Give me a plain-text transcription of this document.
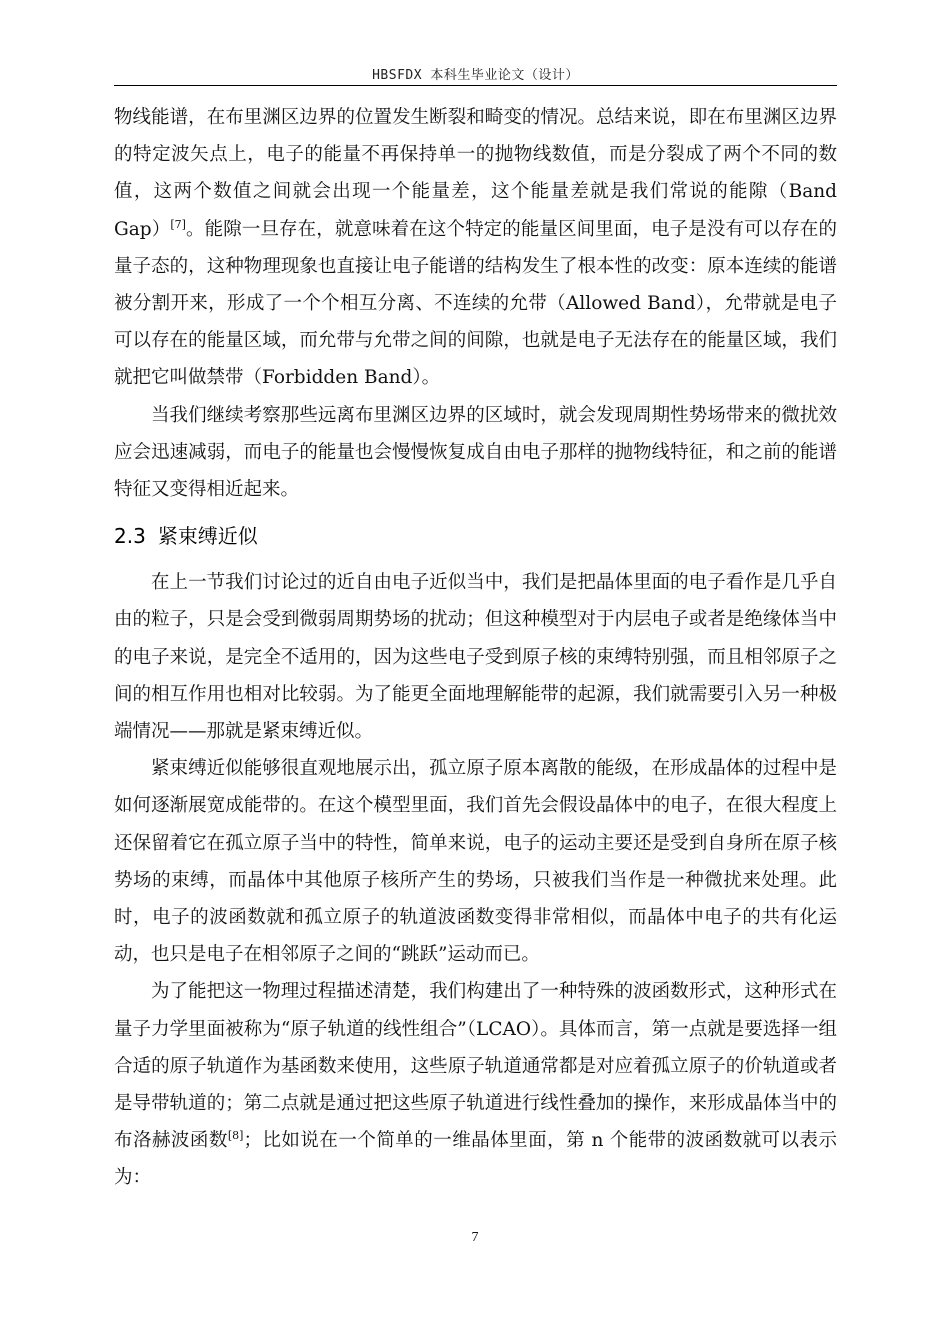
HBSFDX 本科生毕业论文（设计）

物线能谱，在布里渊区边界的位置发生断裂和畸变的情况。总结来说，即在布里渊区边界的特定波矢点上，电子的能量不再保持单一的抛物线数值，而是分裂成了两个不同的数值，这两个数值之间就会出现一个能量差，这个能量差就是我们常说的能隙（Band Gap）[7]。能隙一旦存在，就意味着在这个特定的能量区间里面，电子是没有可以存在的量子态的，这种物理现象也直接让电子能谱的结构发生了根本性的改变：原本连续的能谱被分割开来，形成了一个个相互分离、不连续的允带（Allowed Band），允带就是电子可以存在的能量区域，而允带与允带之间的间隙，也就是电子无法存在的能量区域，我们就把它叫做禁带（Forbidden Band）。

当我们继续考察那些远离布里渊区边界的区域时，就会发现周期性势场带来的微扰效应会迅速减弱，而电子的能量也会慢慢恢复成自由电子那样的抛物线特征，和之前的能谱特征又变得相近起来。

2.3 紧束缚近似

在上一节我们讨论过的近自由电子近似当中，我们是把晶体里面的电子看作是几乎自由的粒子，只是会受到微弱周期势场的扰动；但这种模型对于内层电子或者是绝缘体当中的电子来说，是完全不适用的，因为这些电子受到原子核的束缚特别强，而且相邻原子之间的相互作用也相对比较弱。为了能更全面地理解能带的起源，我们就需要引入另一种极端情况——那就是紧束缚近似。

紧束缚近似能够很直观地展示出，孤立原子原本离散的能级，在形成晶体的过程中是如何逐渐展宽成能带的。在这个模型里面，我们首先会假设晶体中的电子，在很大程度上还保留着它在孤立原子当中的特性，简单来说，电子的运动主要还是受到自身所在原子核势场的束缚，而晶体中其他原子核所产生的势场，只被我们当作是一种微扰来处理。此时，电子的波函数就和孤立原子的轨道波函数变得非常相似，而晶体中电子的共有化运动，也只是电子在相邻原子之间的“跳跃”运动而已。

为了能把这一物理过程描述清楚，我们构建出了一种特殊的波函数形式，这种形式在量子力学里面被称为“原子轨道的线性组合”（LCAO）。具体而言，第一点就是要选择一组合适的原子轨道作为基函数来使用，这些原子轨道通常都是对应着孤立原子的价轨道或者是导带轨道的；第二点就是通过把这些原子轨道进行线性叠加的操作，来形成晶体当中的布洛赫波函数[8]；比如说在一个简单的一维晶体里面，第 n 个能带的波函数就可以表示为：

7
